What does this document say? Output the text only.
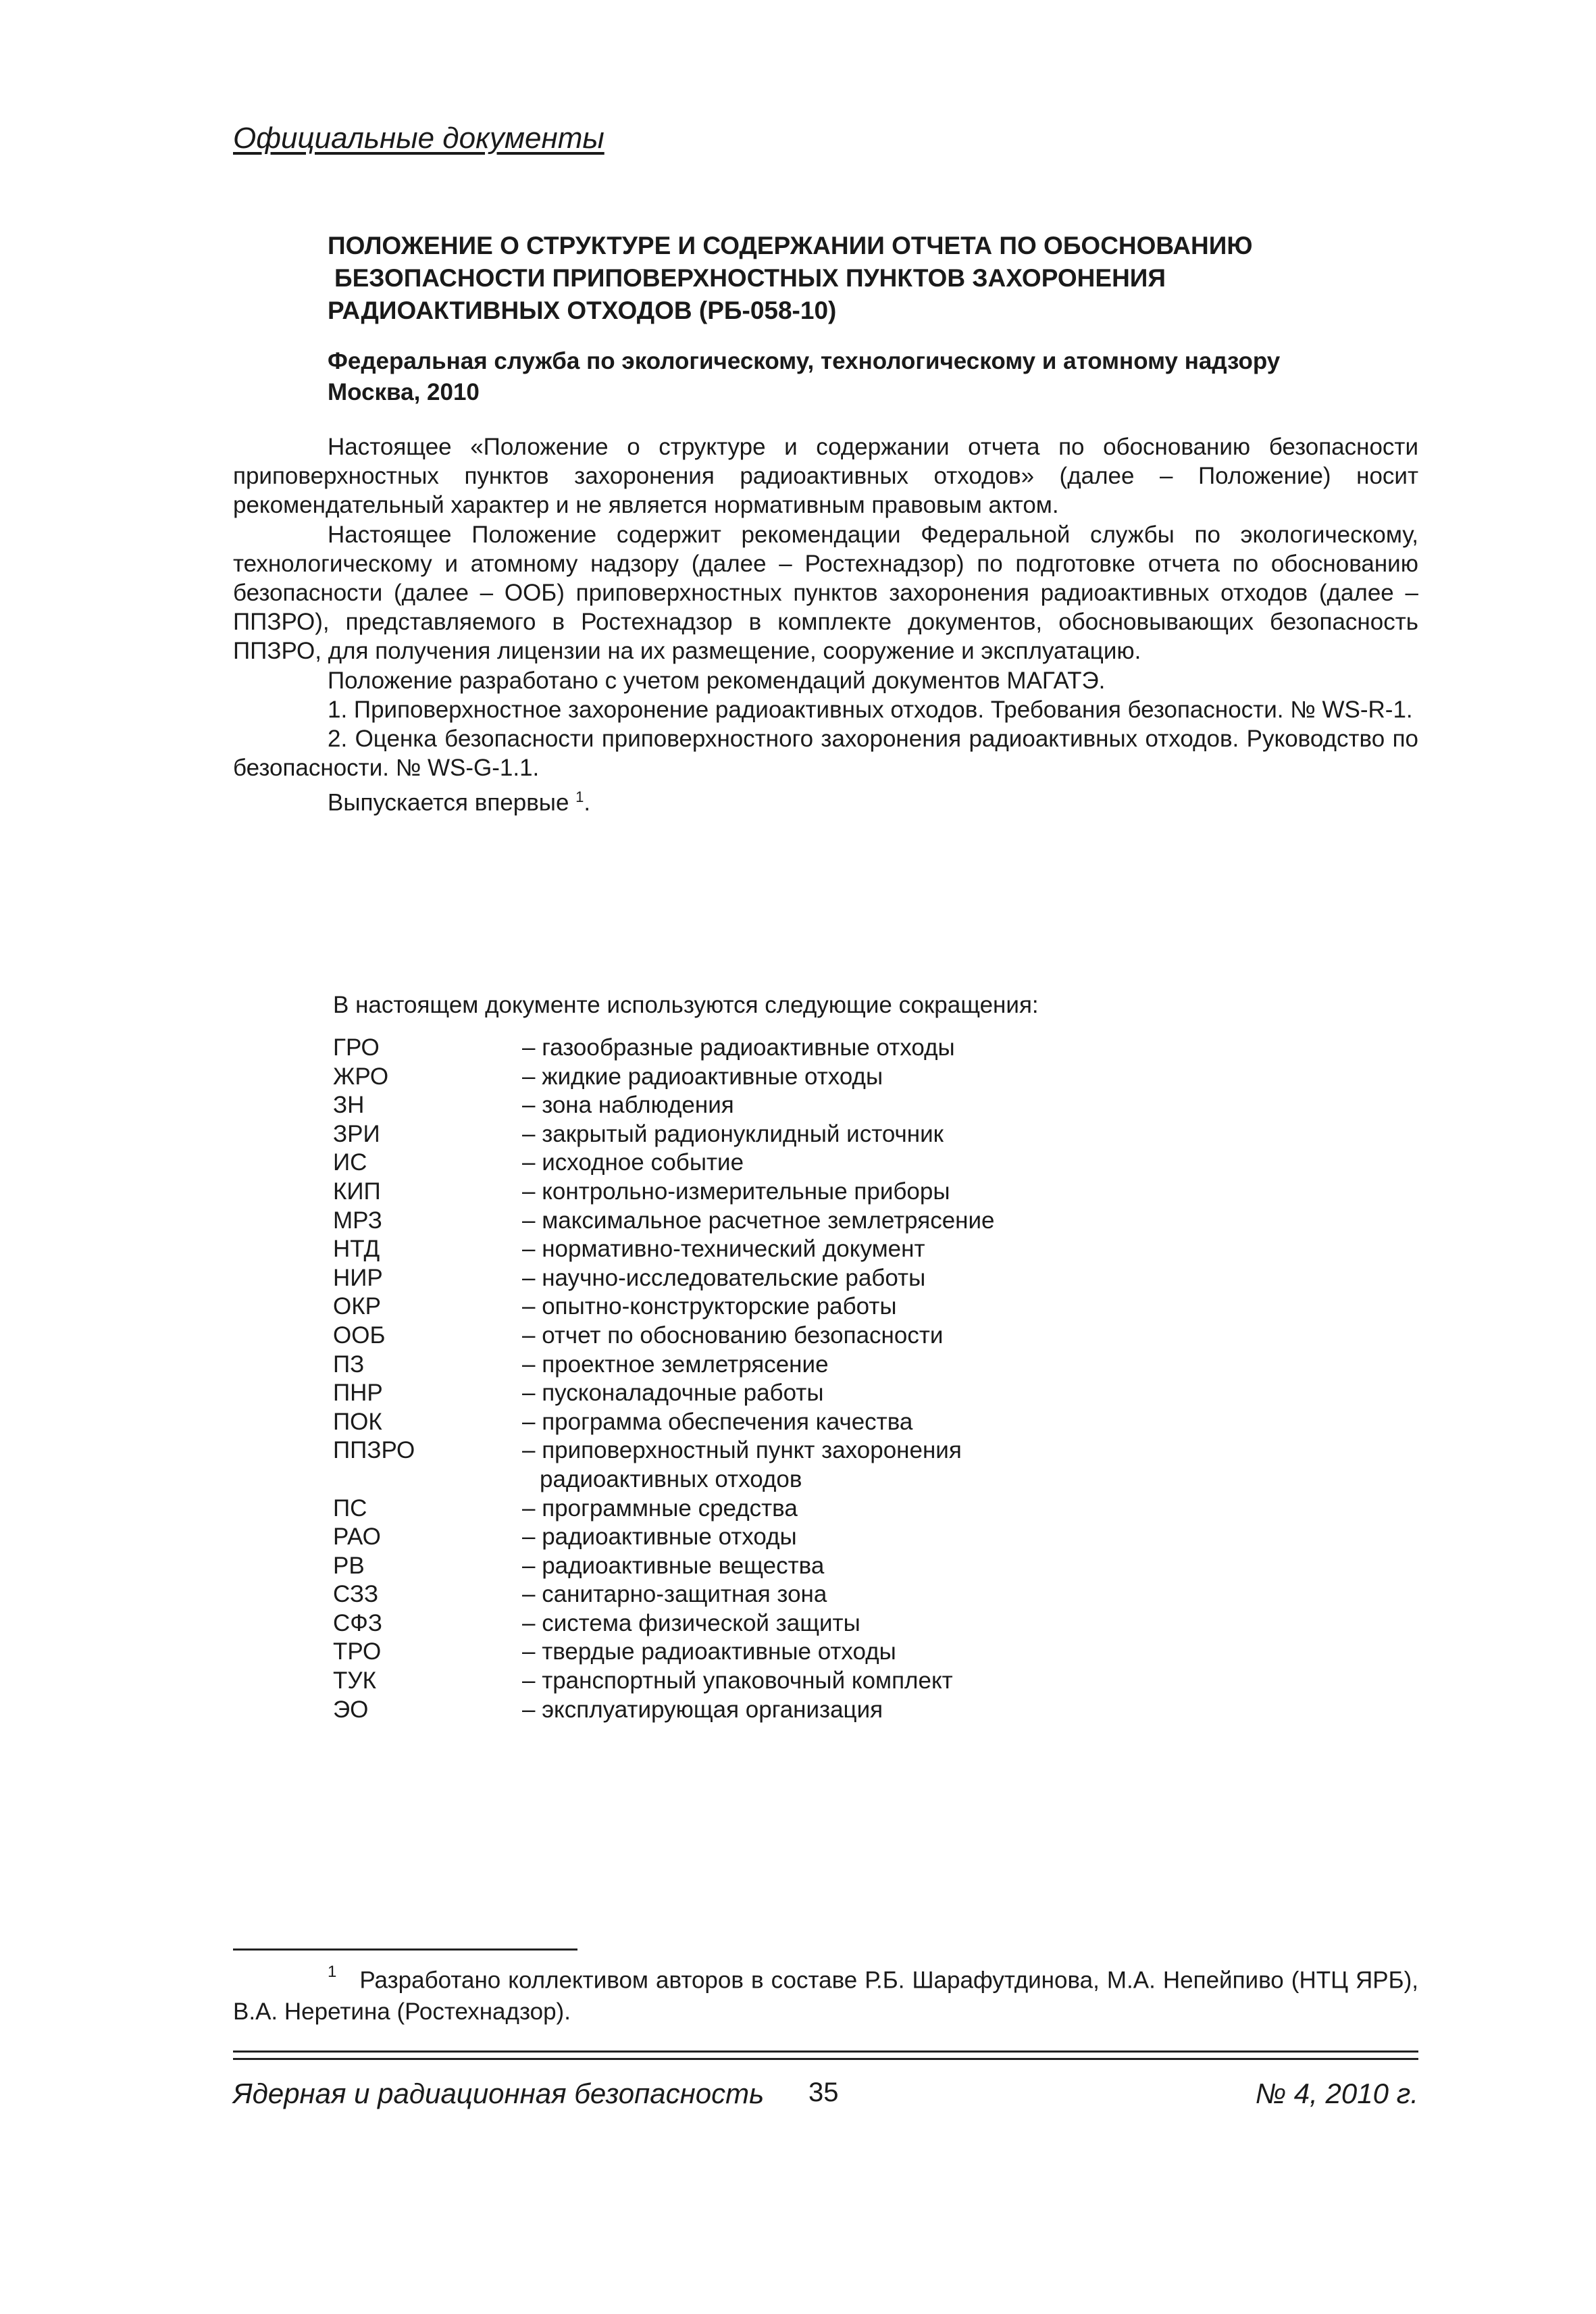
Официальные документы
ПОЛОЖЕНИЕ О СТРУКТУРЕ И СОДЕРЖАНИИ ОТЧЕТА ПО ОБОСНОВАНИЮ
БЕЗОПАСНОСТИ ПРИПОВЕРХНОСТНЫХ ПУНКТОВ ЗАХОРОНЕНИЯ
РАДИОАКТИВНЫХ ОТХОДОВ (РБ-058-10)
Федеральная служба по экологическому, технологическому и атомному надзору
Москва, 2010

Настоящее «Положение о структуре и содержании отчета по обоснованию безопасности приповерхностных пунктов захоронения радиоактивных отходов» (далее – Положение) носит рекомендательный характер и не является нормативным правовым актом.

Настоящее Положение содержит рекомендации Федеральной службы по экологическому, технологическому и атомному надзору (далее – Ростехнадзор) по подготовке отчета по обоснованию безопасности (далее – ООБ) приповерхностных пунктов захоронения радиоактивных отходов (далее – ППЗРО), представляемого в Ростехнадзор в комплекте документов, обосновывающих безопасность ППЗРО, для получения лицензии на их размещение, сооружение и эксплуатацию.

Положение разработано с учетом рекомендаций документов МАГАТЭ.

1. Приповерхностное захоронение радиоактивных отходов. Требования безопасности. № WS-R-1.

2. Оценка безопасности приповерхностного захоронения радиоактивных отходов. Руководство по безопасности. № WS-G-1.1.

Выпускается впервые $^1$.

В настоящем документе используются следующие сокращения:
ГРО	– газообразные радиоактивные отходы
ЖРО	– жидкие радиоактивные отходы
ЗН	– зона наблюдения
ЗРИ	– закрытый радионуклидный источник
ИС	– исходное событие
КИП	– контрольно-измерительные приборы
МРЗ	– максимальное расчетное землетрясение
НТД	– нормативно-технический документ
НИР	– научно-исследовательские работы
ОКР	– опытно-конструкторские работы
ООБ	– отчет по обоснованию безопасности
ПЗ	– проектное землетрясение
ПНР	– пусконаладочные работы
ПОК	– программа обеспечения качества
ППЗРО	– приповерхностный пункт захоронения
радиоактивных отходов
ПС	– программные средства
РАО	– радиоактивные отходы
РВ	– радиоактивные вещества
СЗЗ	– санитарно-защитная зона
СФЗ	– система физической защиты
ТРО	– твердые радиоактивные отходы
ТУК	– транспортный упаковочный комплект
ЭО	– эксплуатирующая организация
$^1$ Разработано коллективом авторов в составе Р.Б. Шарафутдинова, М.А. Непейпиво (НТЦ ЯРБ), В.А. Неретина (Ростехнадзор).
Ядерная и радиационная безопасность 35	№ 4, 2010 г.
